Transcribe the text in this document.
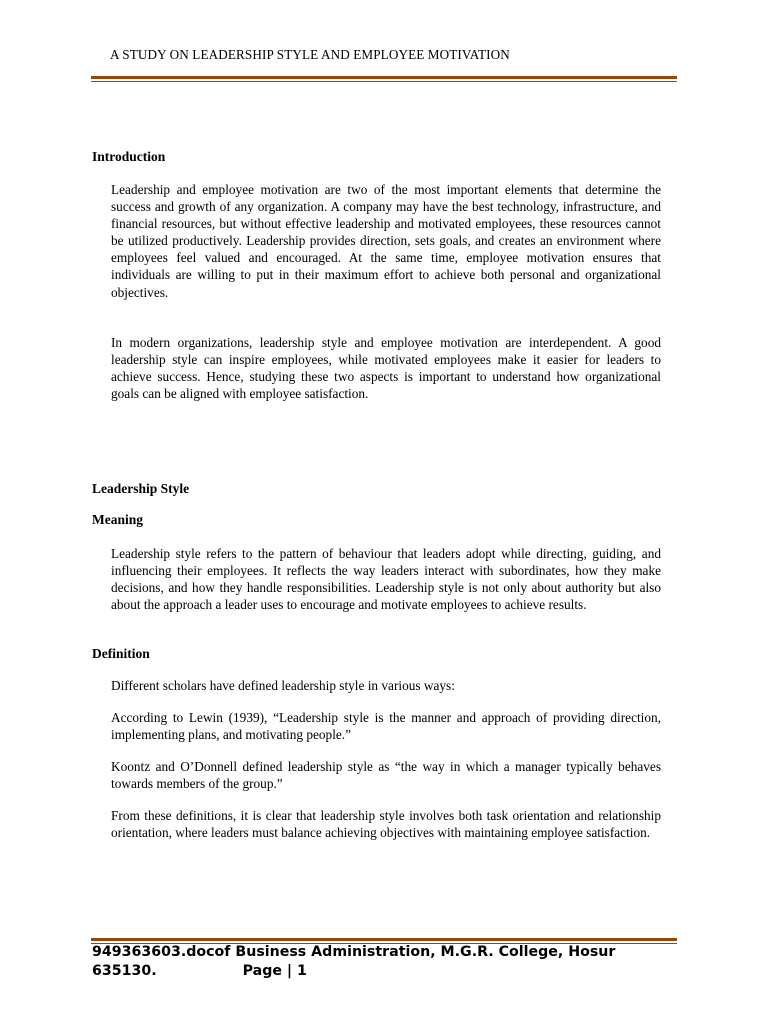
A STUDY ON LEADERSHIP STYLE AND EMPLOYEE MOTIVATION
Introduction
Leadership and employee motivation are two of the most important elements that determine the success and growth of any organization. A company may have the best technology, infrastructure, and financial resources, but without effective leadership and motivated employees, these resources cannot be utilized productively. Leadership provides direction, sets goals, and creates an environment where employees feel valued and encouraged. At the same time, employee motivation ensures that individuals are willing to put in their maximum effort to achieve both personal and organizational objectives.
In modern organizations, leadership style and employee motivation are interdependent. A good leadership style can inspire employees, while motivated employees make it easier for leaders to achieve success. Hence, studying these two aspects is important to understand how organizational goals can be aligned with employee satisfaction.
Leadership Style
Meaning
Leadership style refers to the pattern of behaviour that leaders adopt while directing, guiding, and influencing their employees. It reflects the way leaders interact with subordinates, how they make decisions, and how they handle responsibilities. Leadership style is not only about authority but also about the approach a leader uses to encourage and motivate employees to achieve results.
Definition
Different scholars have defined leadership style in various ways:
According to Lewin (1939), “Leadership style is the manner and approach of providing direction, implementing plans, and motivating people.”
Koontz and O’Donnell defined leadership style as “the way in which a manager typically behaves towards members of the group.”
From these definitions, it is clear that leadership style involves both task orientation and relationship orientation, where leaders must balance achieving objectives with maintaining employee satisfaction.
949363603.docof Business Administration, M.G.R. College, Hosur
635130.	Page | 1
